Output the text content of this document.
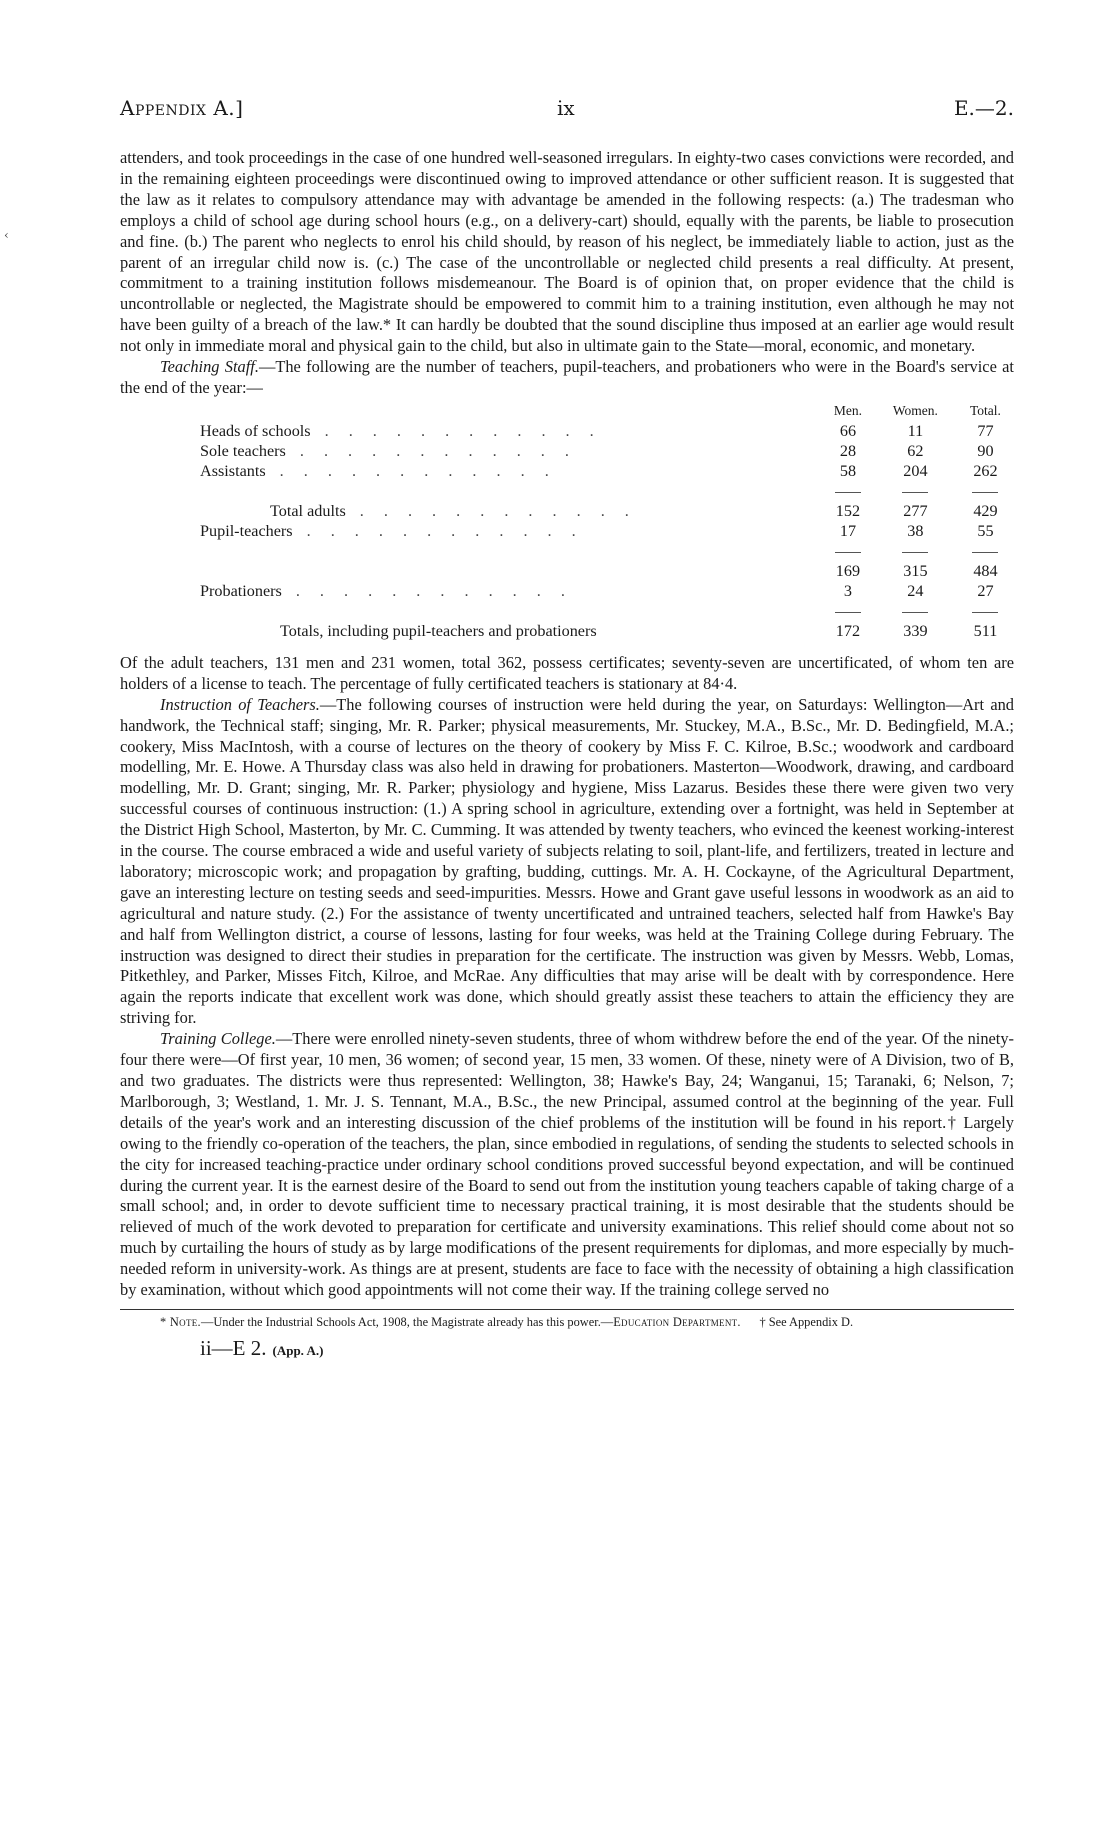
‹
Appendix A.]	ix	E.—2.

attenders, and took proceedings in the case of one hundred well-seasoned irregulars. In eighty-two cases convictions were recorded, and in the remaining eighteen proceedings were discontinued owing to improved attendance or other sufficient reason. It is suggested that the law as it relates to compulsory attendance may with advantage be amended in the following respects: (a.) The tradesman who employs a child of school age during school hours (e.g., on a delivery-cart) should, equally with the parents, be liable to prosecution and fine. (b.) The parent who neglects to enrol his child should, by reason of his neglect, be immediately liable to action, just as the parent of an irregular child now is. (c.) The case of the uncontrollable or neglected child presents a real difficulty. At present, commitment to a training institution follows misdemeanour. The Board is of opinion that, on proper evidence that the child is uncontrollable or neglected, the Magistrate should be empowered to commit him to a training institution, even although he may not have been guilty of a breach of the law.* It can hardly be doubted that the sound discipline thus imposed at an earlier age would result not only in immediate moral and physical gain to the child, but also in ultimate gain to the State—moral, economic, and monetary.

Teaching Staff.—The following are the number of teachers, pupil-teachers, and probationers who were in the Board's service at the end of the year:—

	Men.	Women.	Total.
Heads of schools . . . . . . . . . . . .	66	11	77
Sole teachers . . . . . . . . . . . .	28	62	90
Assistants . . . . . . . . . . . .	58	204	262

Total adults . . . . . . . . . . . .	152	277	429
Pupil-teachers . . . . . . . . . . . .	17	38	55

	169	315	484
Probationers . . . . . . . . . . . .	3	24	27

Totals, including pupil-teachers and probationers	172	339	511

Of the adult teachers, 131 men and 231 women, total 362, possess certificates; seventy-seven are uncertificated, of whom ten are holders of a license to teach. The percentage of fully certificated teachers is stationary at 84·4.

Instruction of Teachers.—The following courses of instruction were held during the year, on Saturdays: Wellington—Art and handwork, the Technical staff; singing, Mr. R. Parker; physical measurements, Mr. Stuckey, M.A., B.Sc., Mr. D. Bedingfield, M.A.; cookery, Miss MacIntosh, with a course of lectures on the theory of cookery by Miss F. C. Kilroe, B.Sc.; woodwork and cardboard modelling, Mr. E. Howe. A Thursday class was also held in drawing for probationers. Masterton—Woodwork, drawing, and cardboard modelling, Mr. D. Grant; singing, Mr. R. Parker; physiology and hygiene, Miss Lazarus. Besides these there were given two very successful courses of continuous instruction: (1.) A spring school in agriculture, extending over a fortnight, was held in September at the District High School, Masterton, by Mr. C. Cumming. It was attended by twenty teachers, who evinced the keenest working-interest in the course. The course embraced a wide and useful variety of subjects relating to soil, plant-life, and fertilizers, treated in lecture and laboratory; microscopic work; and propagation by grafting, budding, cuttings. Mr. A. H. Cockayne, of the Agricultural Department, gave an interesting lecture on testing seeds and seed-impurities. Messrs. Howe and Grant gave useful lessons in woodwork as an aid to agricultural and nature study. (2.) For the assistance of twenty uncertificated and untrained teachers, selected half from Hawke's Bay and half from Wellington district, a course of lessons, lasting for four weeks, was held at the Training College during February. The instruction was designed to direct their studies in preparation for the certificate. The instruction was given by Messrs. Webb, Lomas, Pitkethley, and Parker, Misses Fitch, Kilroe, and McRae. Any difficulties that may arise will be dealt with by correspondence. Here again the reports indicate that excellent work was done, which should greatly assist these teachers to attain the efficiency they are striving for.

Training College.—There were enrolled ninety-seven students, three of whom withdrew before the end of the year. Of the ninety-four there were—Of first year, 10 men, 36 women; of second year, 15 men, 33 women. Of these, ninety were of A Division, two of B, and two graduates. The districts were thus represented: Wellington, 38; Hawke's Bay, 24; Wanganui, 15; Taranaki, 6; Nelson, 7; Marlborough, 3; Westland, 1. Mr. J. S. Tennant, M.A., B.Sc., the new Principal, assumed control at the beginning of the year. Full details of the year's work and an interesting discussion of the chief problems of the institution will be found in his report.† Largely owing to the friendly co-operation of the teachers, the plan, since embodied in regulations, of sending the students to selected schools in the city for increased teaching-practice under ordinary school conditions proved successful beyond expectation, and will be continued during the current year. It is the earnest desire of the Board to send out from the institution young teachers capable of taking charge of a small school; and, in order to devote sufficient time to necessary practical training, it is most desirable that the students should be relieved of much of the work devoted to preparation for certificate and university examinations. This relief should come about not so much by curtailing the hours of study as by large modifications of the present requirements for diplomas, and more especially by much-needed reform in university-work. As things are at present, students are face to face with the necessity of obtaining a high classification by examination, without which good appointments will not come their way. If the training college served no

* Note.—Under the Industrial Schools Act, 1908, the Magistrate already has this power.—Education Department. † See Appendix D.
ii—E 2. (App. A.)
